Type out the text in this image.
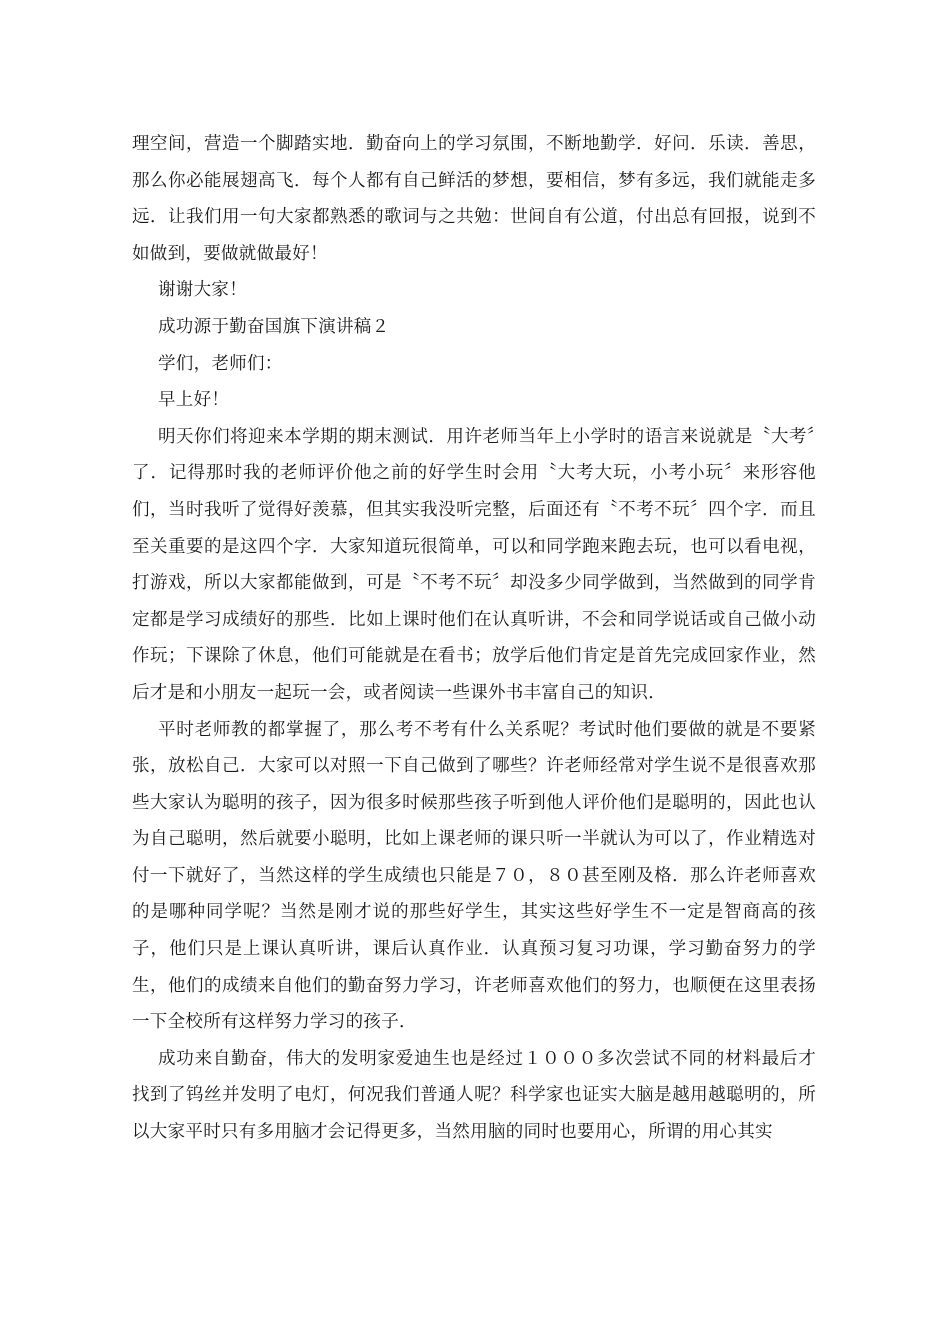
理空间，营造一个脚踏实地．勤奋向上的学习氛围，不断地勤学．好问．乐读．善思，那么你必能展翅高飞．每个人都有自己鲜活的梦想，要相信，梦有多远，我们就能走多远．让我们用一句大家都熟悉的歌词与之共勉：世间自有公道，付出总有回报，说到不如做到，要做就做最好！

谢谢大家！

成功源于勤奋国旗下演讲稿２

学们，老师们：

早上好！

明天你们将迎来本学期的期末测试．用许老师当年上小学时的语言来说就是〝大考〞了．记得那时我的老师评价他之前的好学生时会用〝大考大玩，小考小玩〞来形容他们，当时我听了觉得好羡慕，但其实我没听完整，后面还有〝不考不玩〞四个字．而且至关重要的是这四个字．大家知道玩很简单，可以和同学跑来跑去玩，也可以看电视，打游戏，所以大家都能做到，可是〝不考不玩〞却没多少同学做到，当然做到的同学肯定都是学习成绩好的那些．比如上课时他们在认真听讲，不会和同学说话或自己做小动作玩；下课除了休息，他们可能就是在看书；放学后他们肯定是首先完成回家作业，然后才是和小朋友一起玩一会，或者阅读一些课外书丰富自己的知识．

平时老师教的都掌握了，那么考不考有什么关系呢？考试时他们要做的就是不要紧张，放松自己．大家可以对照一下自己做到了哪些？许老师经常对学生说不是很喜欢那些大家认为聪明的孩子，因为很多时候那些孩子听到他人评价他们是聪明的，因此也认为自己聪明，然后就要小聪明，比如上课老师的课只听一半就认为可以了，作业精选对付一下就好了，当然这样的学生成绩也只能是７０，８０甚至刚及格．那么许老师喜欢的是哪种同学呢？当然是刚才说的那些好学生，其实这些好学生不一定是智商高的孩子，他们只是上课认真听讲，课后认真作业．认真预习复习功课，学习勤奋努力的学生，他们的成绩来自他们的勤奋努力学习，许老师喜欢他们的努力，也顺便在这里表扬一下全校所有这样努力学习的孩子．

成功来自勤奋，伟大的发明家爱迪生也是经过１０００多次尝试不同的材料最后才找到了钨丝并发明了电灯，何况我们普通人呢？科学家也证实大脑是越用越聪明的，所以大家平时只有多用脑才会记得更多，当然用脑的同时也要用心，所谓的用心其实
